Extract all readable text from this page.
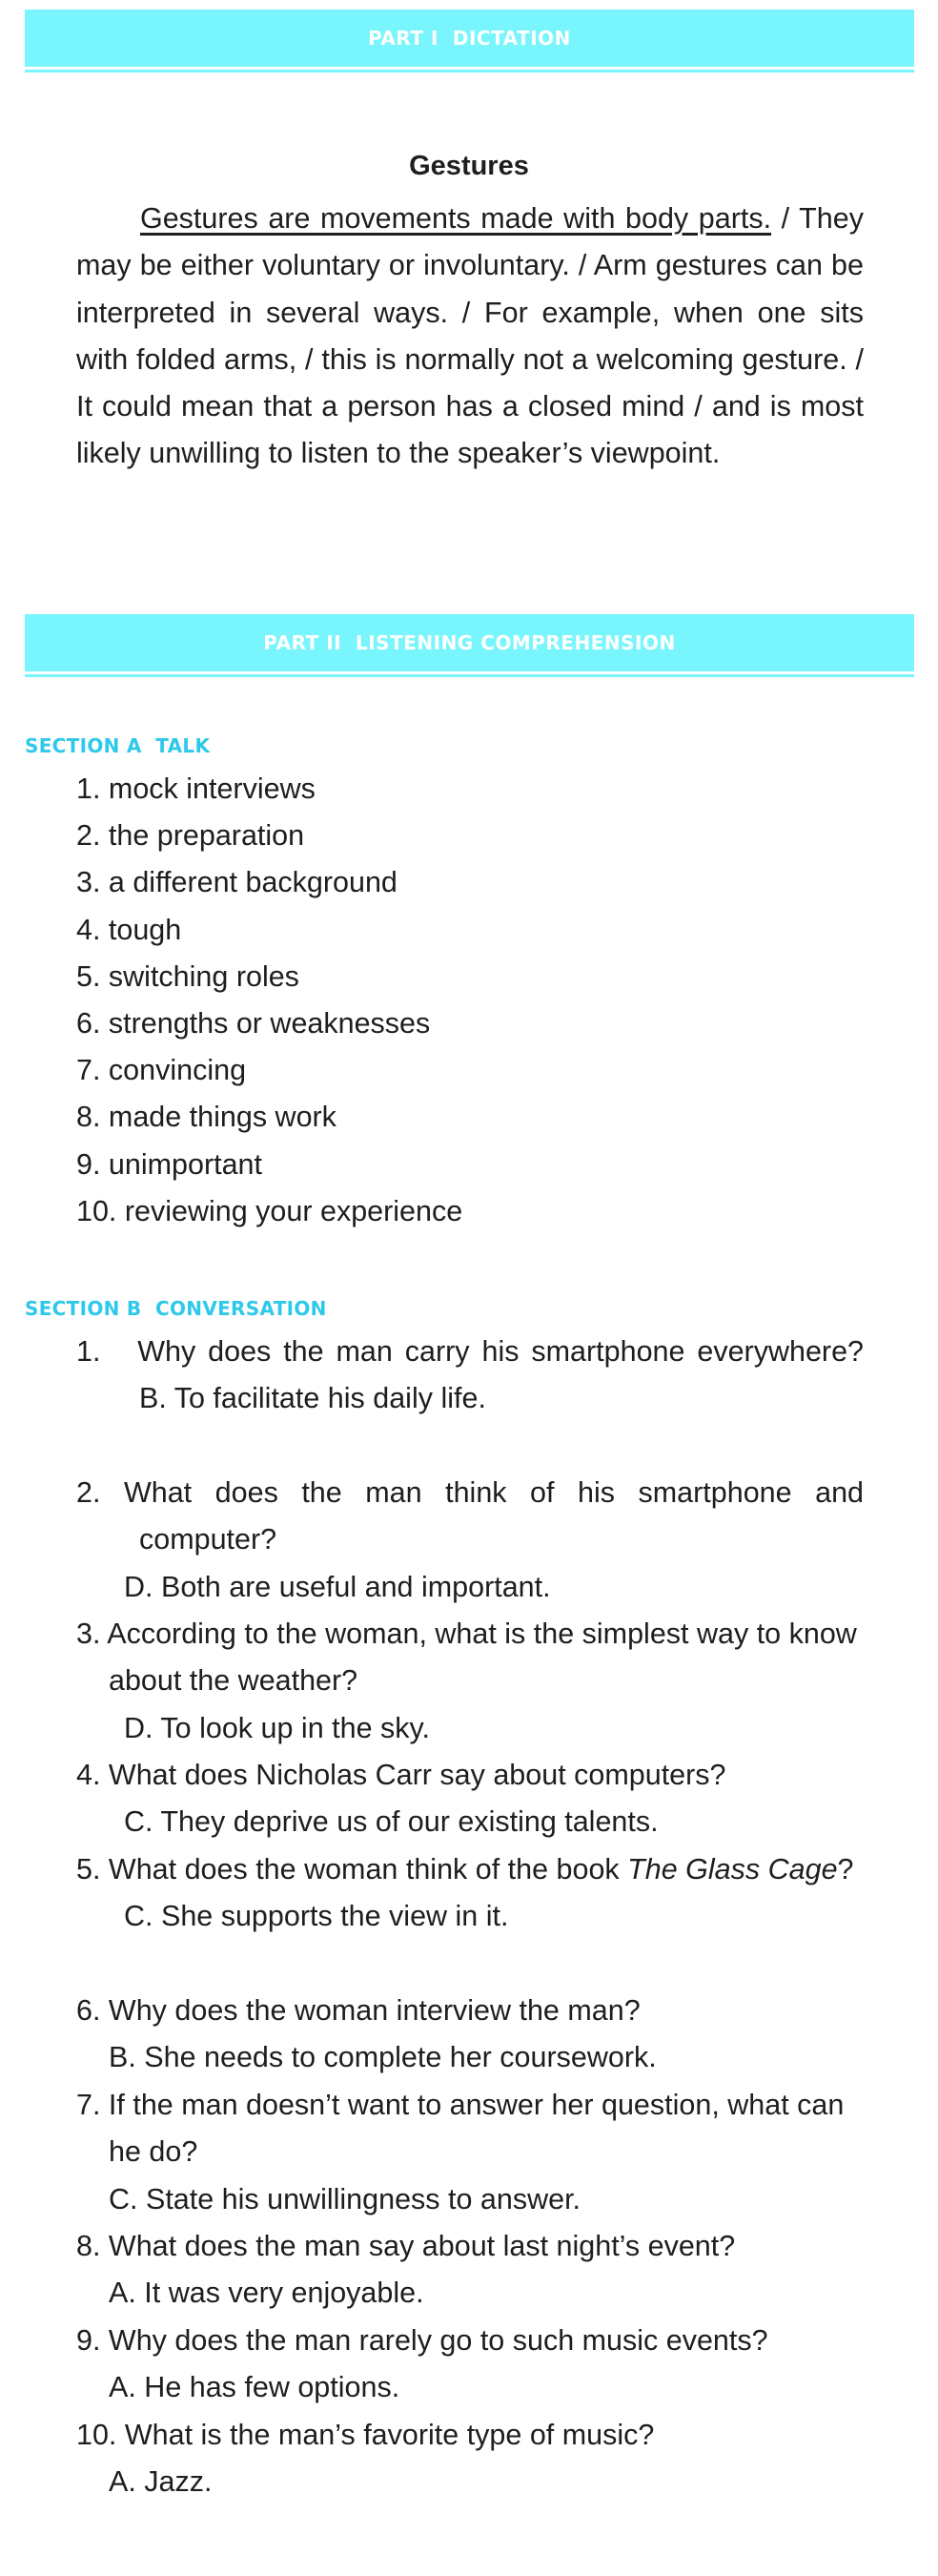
PART I  DICTATION
Gestures

Gestures are movements made with body parts. / They may be either voluntary or involuntary. / Arm gestures can be interpreted in several ways. / For example, when one sits with folded arms, / this is normally not a welcoming gesture. / It could mean that a person has a closed mind / and is most likely unwilling to listen to the speaker’s viewpoint.

PART II  LISTENING COMPREHENSION
SECTION A  TALK
1. mock interviews
2. the preparation
3. a different background
4. tough
5. switching roles
6. strengths or weaknesses
7. convincing
8. made things work
9. unimportant
10. reviewing your experience
SECTION B  CONVERSATION

1. Why does the man carry his smartphone everywhere?

B. To facilitate his daily life.

2. What does the man think of his smartphone and computer?

D. Both are useful and important.

3. According to the woman, what is the simplest way to know about the weather?

D. To look up in the sky.

4. What does Nicholas Carr say about computers?

C. They deprive us of our existing talents.

5. What does the woman think of the book The Glass Cage?

C. She supports the view in it.

6. Why does the woman interview the man?

B. She needs to complete her coursework.

7. If the man doesn’t want to answer her question, what can he do?

C. State his unwillingness to answer.

8. What does the man say about last night’s event?

A. It was very enjoyable.

9. Why does the man rarely go to such music events?

A. He has few options.

10. What is the man’s favorite type of music?

A. Jazz.
